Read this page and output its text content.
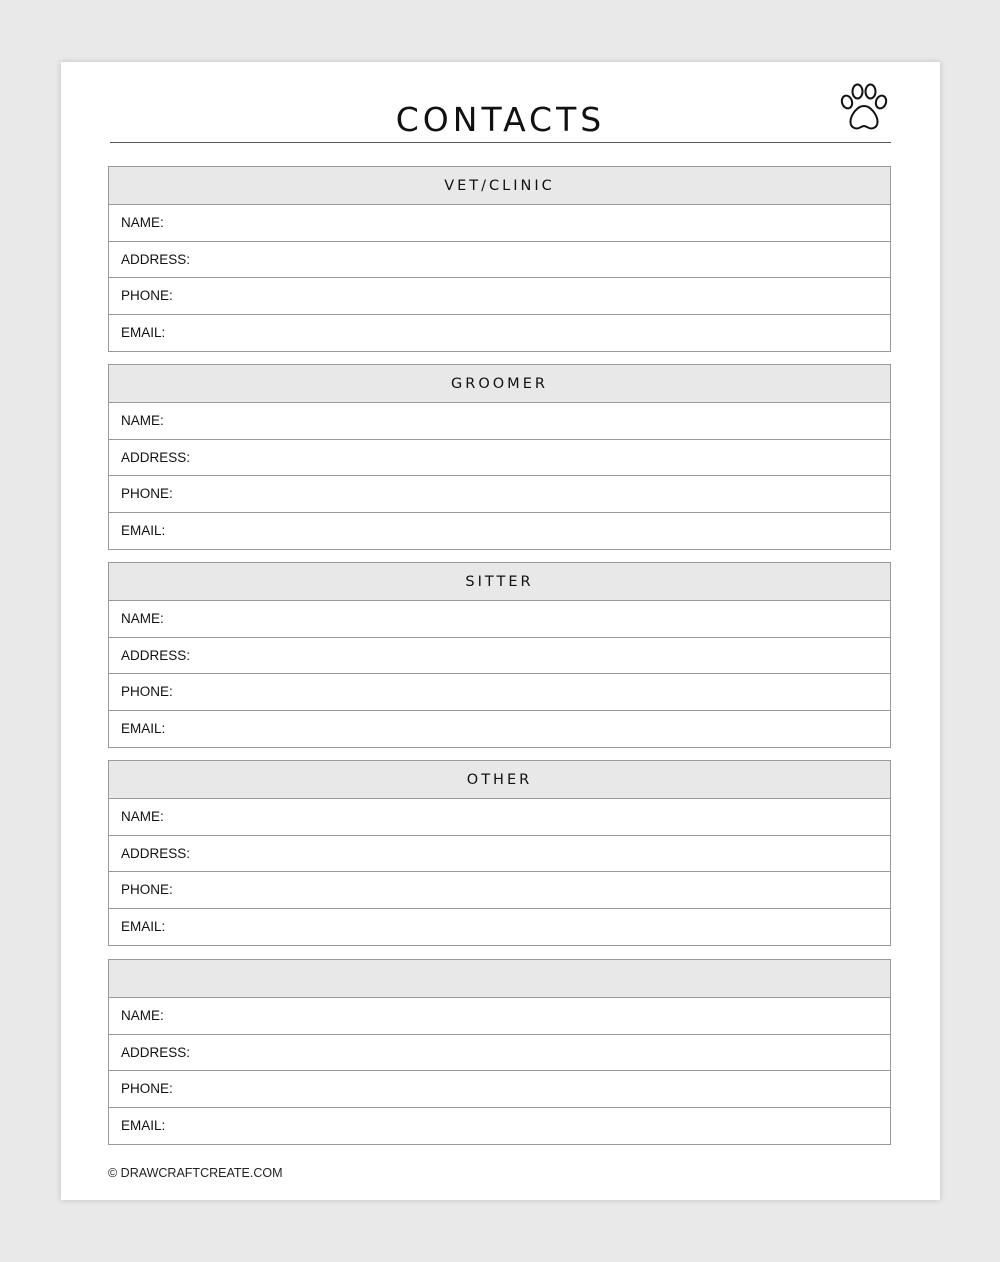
CONTACTS
VET/CLINIC
NAME:
ADDRESS:
PHONE:
EMAIL:
GROOMER
NAME:
ADDRESS:
PHONE:
EMAIL:
SITTER
NAME:
ADDRESS:
PHONE:
EMAIL:
OTHER
NAME:
ADDRESS:
PHONE:
EMAIL:
NAME:
ADDRESS:
PHONE:
EMAIL:
© DRAWCRAFTCREATE.COM
